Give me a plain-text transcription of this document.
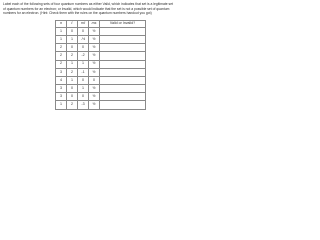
Label each of the following sets of four quantum numbers as either Valid, which indicates that set is a legitimate set
of quantum numbers for an electron; or Invalid, which would indicate that the set is not a possible set of quantum
numbers for an electron. (Hint: Check them with the rules on the quantum numbers handout you got)
n	ℓ	mℓ	ms	Valid or Invalid?
1	0	0	½	
1	1	-½	½	
2	0	0	½	
2	2	-2	½	
2	1	1	½	
3	2	-1	½	
4	1	0	0	
3	0	1	½	
3	0	0	½	
1	2	-3	½	
